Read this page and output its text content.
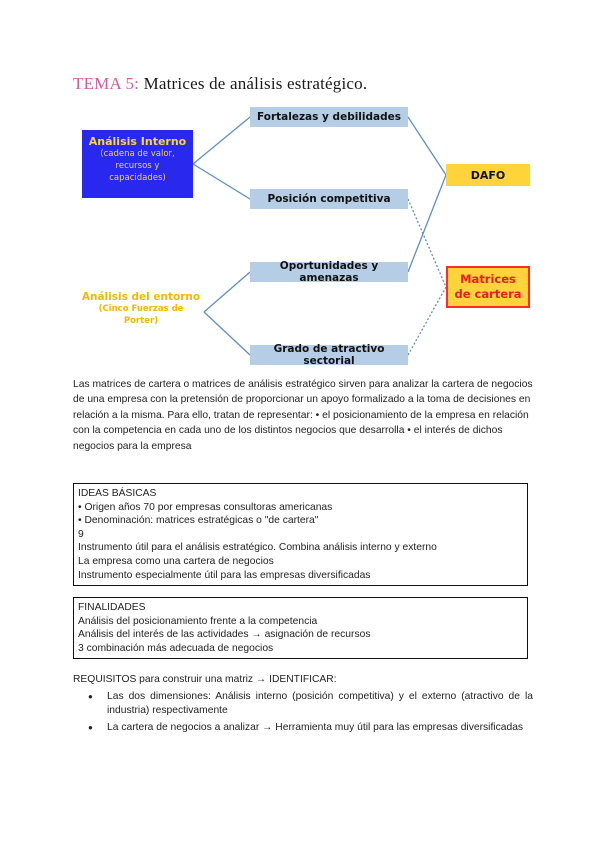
TEMA 5: Matrices de análisis estratégico.
Análisis Interno
(cadena de valor,
recursos y
capacidades)
Análisis del entorno
(Cinco Fuerzas de
Porter)
Fortalezas y debilidades
Posición competitiva
Oportunidades y amenazas
Grado de atractivo sectorial
DAFO
Matrices
de cartera
Las matrices de cartera o matrices de análisis estratégico sirven para analizar la cartera de negocios de una empresa con la pretensión de proporcionar un apoyo formalizado a la toma de decisiones en relación a la misma. Para ello, tratan de representar: • el posicionamiento de la empresa en relación con la competencia en cada uno de los distintos negocios que desarrolla • el interés de dichos negocios para la empresa
IDEAS BÁSICAS
• Origen años 70 por empresas consultoras americanas
• Denominación: matrices estratégicas o "de cartera"
9
Instrumento útil para el análisis estratégico. Combina análisis interno y externo
La empresa como una cartera de negocios
Instrumento especialmente útil para las empresas diversificadas
FINALIDADES
Análisis del posicionamiento frente a la competencia
Análisis del interés de las actividades → asignación de recursos
3 combinación más adecuada de negocios
REQUISITOS para construir una matriz → IDENTIFICAR:
● Las dos dimensiones: Análisis interno (posición competitiva) y el externo (atractivo de la industria) respectivamente
● La cartera de negocios a analizar → Herramienta muy útil para las empresas diversificadas
